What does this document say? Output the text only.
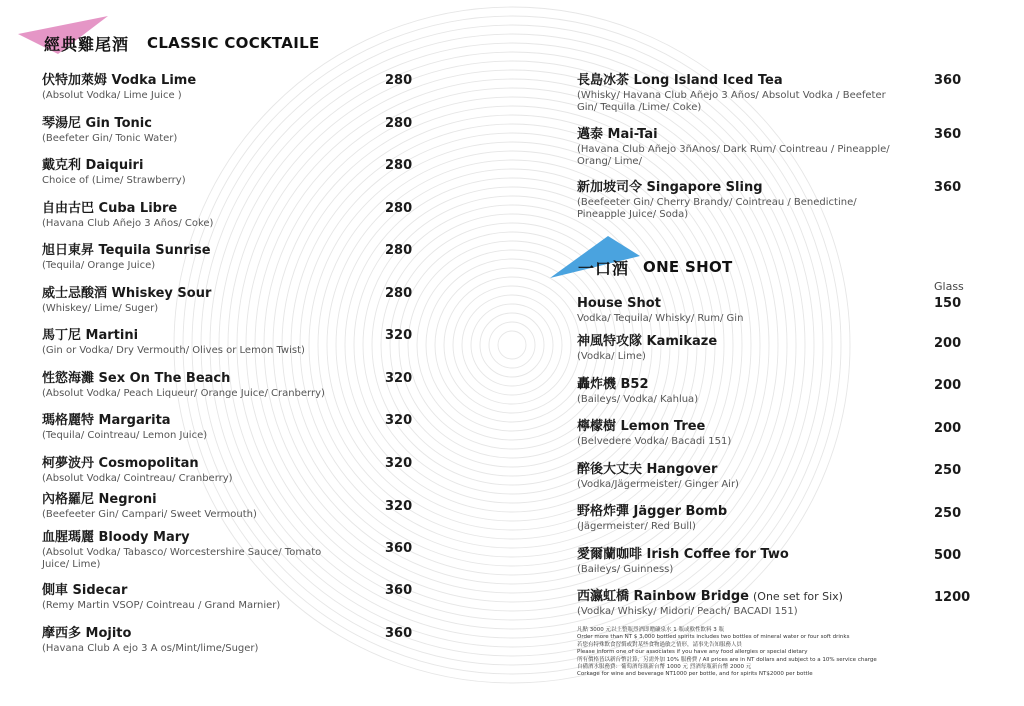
經典雞尾酒 CLASSIC COCKTAILE
一口酒 ONE SHOT
伏特加萊姆 Vodka Lime
(Absolut Vodka/ Lime Juice )
280
琴湯尼 Gin Tonic
(Beefeter Gin/ Tonic Water)
280
戴克利 Daiquiri
Choice of (Lime/ Strawberry)
280
自由古巴 Cuba Libre
(Havana Club Añejo 3 Años/ Coke)
280
旭日東昇 Tequila Sunrise
(Tequila/ Orange Juice)
280
威士忌酸酒 Whiskey Sour
(Whiskey/ Lime/ Suger)
280
馬丁尼 Martini
(Gin or Vodka/ Dry Vermouth/ Olives or Lemon Twist)
320
性慾海灘 Sex On The Beach
(Absolut Vodka/ Peach Liqueur/ Orange Juice/ Cranberry)
320
瑪格麗特 Margarita
(Tequila/ Cointreau/ Lemon Juice)
320
柯夢波丹 Cosmopolitan
(Absolut Vodka/ Cointreau/ Cranberry)
320
內格羅尼 Negroni
(Beefeeter Gin/ Campari/ Sweet Vermouth)
320
血腥瑪麗 Bloody Mary
(Absolut Vodka/ Tabasco/ Worcestershire Sauce/ Tomato Juice/ Lime)
360
側車 Sidecar
(Remy Martin VSOP/ Cointreau / Grand Marnier)
360
摩西多 Mojito
(Havana Club A ejo 3 A os/Mint/lime/Suger)
360
長島冰茶 Long Island Iced Tea
(Whisky/ Havana Club Añejo 3 Años/ Absolut Vodka / Beefeter Gin/ Tequila /Lime/ Coke)
360
邁泰 Mai-Tai
(Havana Club Añejo 3ñAnos/ Dark Rum/ Cointreau / Pineapple/ Orang/ Lime/
360
新加坡司令 Singapore Sling
(Beefeeter Gin/ Cherry Brandy/ Cointreau / Benedictine/ Pineapple Juice/ Soda)
360
Glass
House Shot
Vodka/ Tequila/ Whisky/ Rum/ Gin
150
神風特攻隊 Kamikaze
(Vodka/ Lime)
200
轟炸機 B52
(Baileys/ Vodka/ Kahlua)
200
檸檬樹 Lemon Tree
(Belvedere Vodka/ Bacadi 151)
200
醉後大丈夫 Hangover
(Vodka/Jägermeister/ Ginger Air)
250
野格炸彈 Jägger Bomb
(Jägermeister/ Red Bull)
250
愛爾蘭咖啡 Irish Coffee for Two
(Baileys/ Guinness)
500
西瀛虹橋 Rainbow Bridge (One set for Six)
(Vodka/ Whisky/ Midori/ Peach/ BACADI 151)
1200
凡點 3000 元以上整瓶烈酒即贈礦泉水 1 瓶或軟性飲料 3 瓶
Order more than NT $ 3,000 bottled spirits includes two bottles of mineral water or four soft drinks
若您有特殊飲食習慣或對某些食物過敏之情形，請事先告知服務人員
Please inform one of our associates if you have any food allergies or special dietary
所有價格皆以新台幣計算，另需外加 10% 服務費 / All prices are in NT dollars and subject to a 10% service charge
自備酒水服務費：葡萄酒每瓶新台幣 1000 元 烈酒每瓶新台幣 2000 元
Corkage for wine and beverage NT1000 per bottle, and for spirits NT$2000 per bottle
